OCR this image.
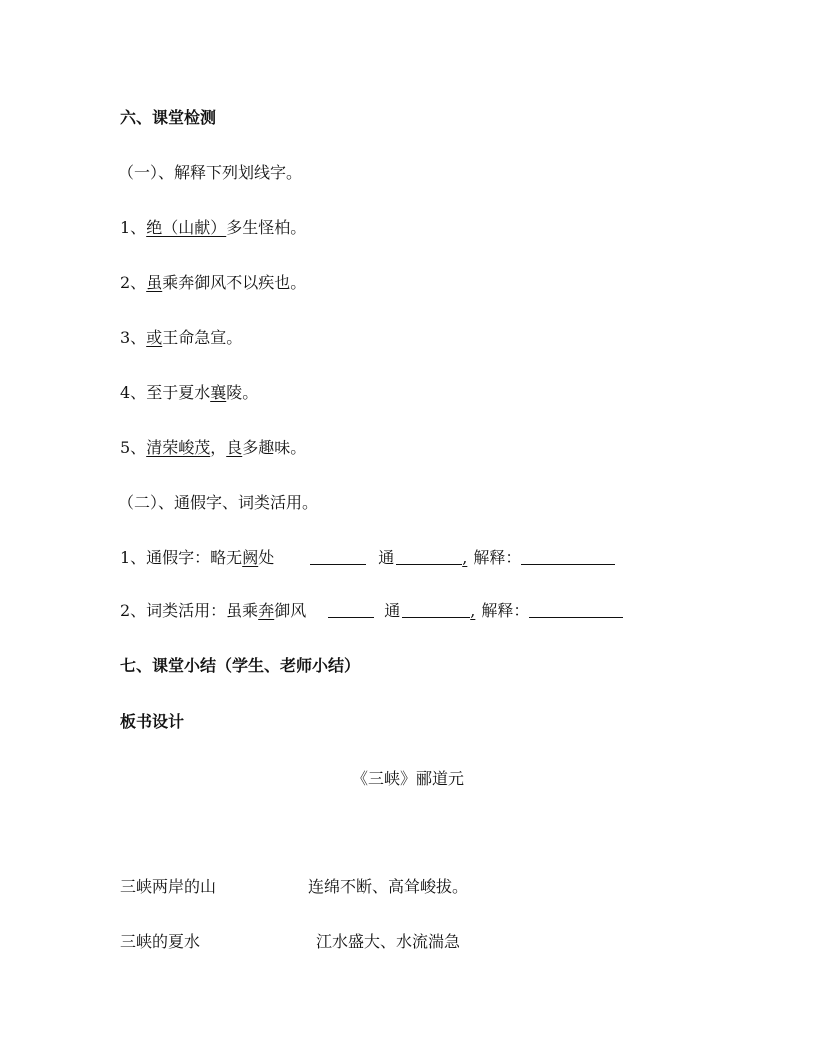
六、课堂检测
（一）、解释下列划线字。
1、绝（山献）多生怪柏。
2、虽乘奔御风不以疾也。
3、或王命急宣。
4、至于夏水襄陵。
5、清荣峻茂，良多趣味。
（二）、通假字、词类活用。
1、通假字：略无阙处	通	, 解释：
2、词类活用：虽乘奔御风	通	, 解释：
七、课堂小结（学生、老师小结）
板书设计
《三峡》郦道元
三峡两岸的山	连绵不断、高耸峻拔。
三峡的夏水	江水盛大、水流湍急
